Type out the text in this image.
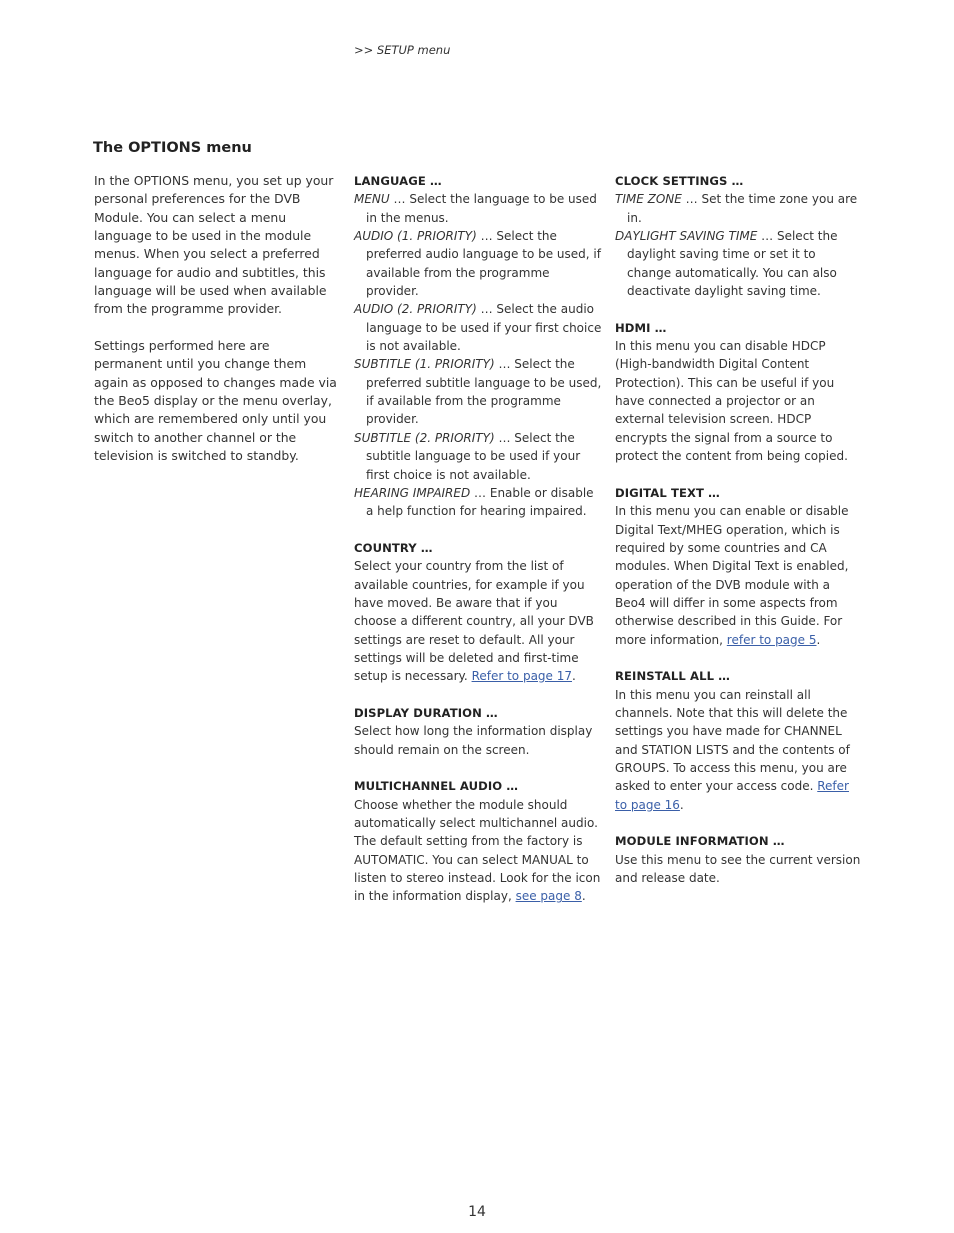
>> SETUP menu
The OPTIONS menu

In the OPTIONS menu, you set up your personal preferences for the DVB Module. You can select a menu language to be used in the module menus. When you select a preferred language for audio and subtitles, this language will be used when available from the programme provider.

Settings performed here are permanent until you change them again as opposed to changes made via the Beo5 display or the menu overlay, which are remembered only until you switch to another channel or the television is switched to standby.

LANGUAGE …

MENU … Select the language to be used in the menus.

AUDIO (1. PRIORITY) … Select the preferred audio language to be used, if available from the programme provider.

AUDIO (2. PRIORITY) … Select the audio language to be used if your first choice is not available.

SUBTITLE (1. PRIORITY) … Select the preferred subtitle language to be used, if available from the programme provider.

SUBTITLE (2. PRIORITY) … Select the subtitle language to be used if your first choice is not available.

HEARING IMPAIRED … Enable or disable a help function for hearing impaired.

COUNTRY …

Select your country from the list of available countries, for example if you have moved. Be aware that if you choose a different country, all your DVB settings are reset to default. All your settings will be deleted and first-time setup is necessary. Refer to page 17.

DISPLAY DURATION …

Select how long the information display should remain on the screen.

MULTICHANNEL AUDIO …

Choose whether the module should automatically select multichannel audio. The default setting from the factory is AUTOMATIC. You can select MANUAL to listen to stereo instead. Look for the icon in the information display, see page 8.

CLOCK SETTINGS …

TIME ZONE … Set the time zone you are in.

DAYLIGHT SAVING TIME … Select the daylight saving time or set it to change automatically. You can also deactivate daylight saving time.

HDMI …

In this menu you can disable HDCP (High-bandwidth Digital Content Protection). This can be useful if you have connected a projector or an external television screen. HDCP encrypts the signal from a source to protect the content from being copied.

DIGITAL TEXT …

In this menu you can enable or disable Digital Text/MHEG operation, which is required by some countries and CA modules. When Digital Text is enabled, operation of the DVB module with a Beo4 will differ in some aspects from otherwise described in this Guide. For more information, refer to page 5.

REINSTALL ALL …

In this menu you can reinstall all channels. Note that this will delete the settings you have made for CHANNEL and STATION LISTS and the contents of GROUPS. To access this menu, you are asked to enter your access code. Refer to page 16.

MODULE INFORMATION …

Use this menu to see the current version and release date.

14
